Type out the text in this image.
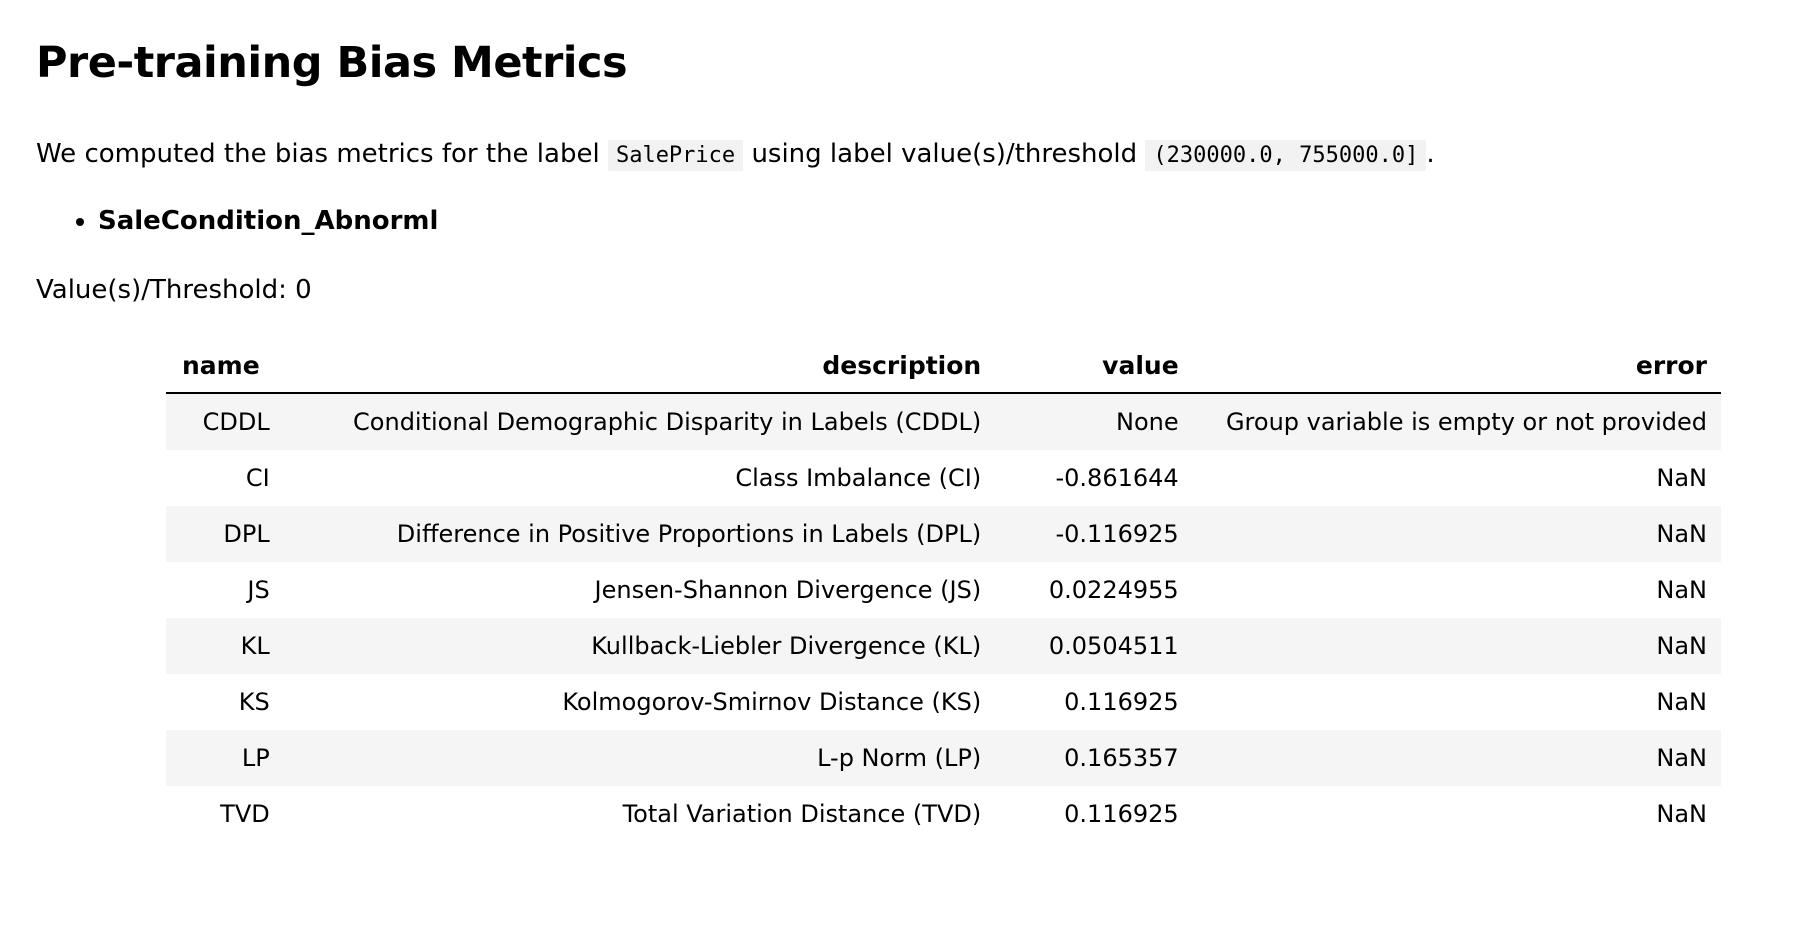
Pre-training Bias Metrics

We computed the bias metrics for the label SalePrice using label value(s)/threshold (230000.0, 755000.0] .

• SaleCondition_Abnorml

Value(s)/Threshold: 0

name	description	value	error
CDDL	Conditional Demographic Disparity in Labels (CDDL)	None	Group variable is empty or not provided
CI	Class Imbalance (CI)	-0.861644	NaN
DPL	Difference in Positive Proportions in Labels (DPL)	-0.116925	NaN
JS	Jensen-Shannon Divergence (JS)	0.0224955	NaN
KL	Kullback-Liebler Divergence (KL)	0.0504511	NaN
KS	Kolmogorov-Smirnov Distance (KS)	0.116925	NaN
LP	L-p Norm (LP)	0.165357	NaN
TVD	Total Variation Distance (TVD)	0.116925	NaN
